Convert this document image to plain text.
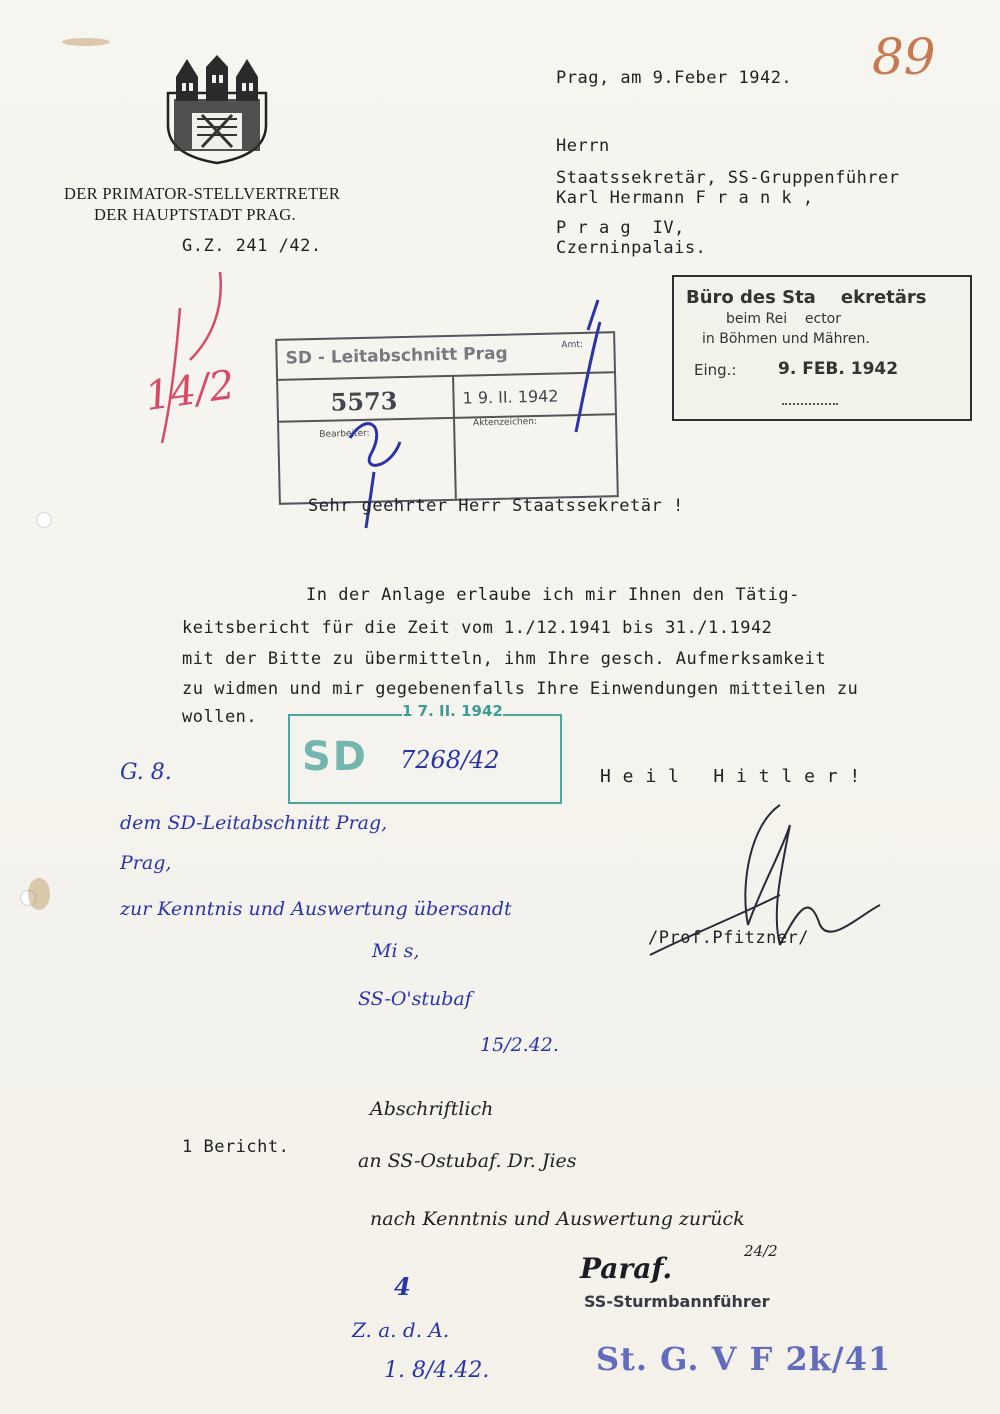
DER PRIMATOR-STELLVERTRETER
DER HAUPTSTADT PRAG.
G.Z. 241 /42.
89
Prag, am 9.Feber 1942.
Herrn
Staatssekretär, SS-Gruppenführer
Karl Hermann F r a n k ,
P r a g  IV,
Czerninpalais.
Büro des Sta    ekretärs
beim Rei    ector
in Böhmen und Mähren.
Eing.: 9. FEB. 1942
SD - Leitabschnitt Prag	Amt:
5573	1 9. II. 1942
Bearbeiter:
Aktenzeichen:
14/2
Sehr geehrter Herr Staatssekretär !
In der Anlage erlaube ich mir Ihnen den Tätig-
keitsbericht für die Zeit vom 1./12.1941 bis 31./1.1942
mit der Bitte zu übermitteln, ihm Ihre gesch. Aufmerksamkeit
zu widmen und mir gegebenenfalls Ihre Einwendungen mitteilen zu
wollen.	1 7. II. 1942
SD 7268/42
H e i l   H i t l e r !
/Prof.Pfitzner/
G. 8.
dem SD-Leitabschnitt Prag,
Prag,
zur Kenntnis und Auswertung übersandt
Mi s,
SS-O'stubaf
15/2.42.
1 Bericht.
Abschriftlich
an SS-Ostubaf. Dr. Jies
nach Kenntnis und Auswertung zurück
Paraf.
24/2
SS-Sturmbannführer
4
Z. a. d. A.
1. 8/4.42.	St. G. V F 2k/41
